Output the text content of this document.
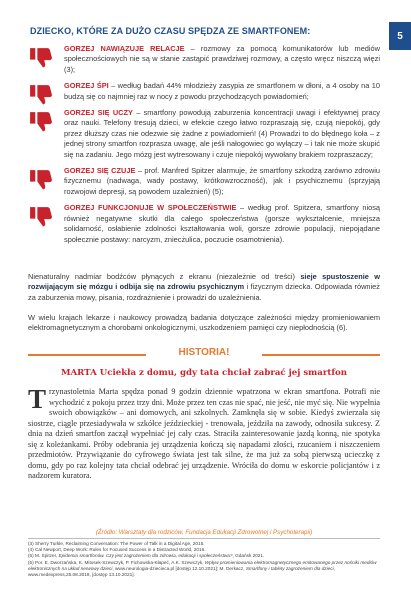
5
DZIECKO, KTÓRE ZA DUŻO CZASU SPĘDZA ZE SMARTFONEM:
GORZEJ NAWIĄZUJE RELACJE – rozmowy za pomocą komunikatorów lub mediów społecznościowych nie są w stanie zastąpić prawdziwej rozmowy, a często wręcz niszczą więzi (3);
GORZEJ ŚPI – według badań 44% młodzieży zasypia ze smartfonem w dłoni, a 4 osoby na 10 budzą się co najmniej raz w nocy z powodu przychodzących powiadomień;
GORZEJ SIĘ UCZY – smartfony powodują zaburzenia koncentracji uwagi i efektywnej pracy oraz nauki. Telefony tresują dzieci, w efekcie czego łatwo rozpraszają się, czują niepokój, gdy przez dłuższy czas nie odezwie się żadne z powiadomień! (4) Prowadzi to do błędnego koła – z jednej strony smartfon rozprasza uwagę, ale jeśli nałogowiec go wyłączy – i tak nie może skupić się na zadaniu. Jego mózg jest wytresowany i czuje niepokój wywołany brakiem rozpraszaczy;
GORZEJ SIĘ CZUJE – prof. Manfred Spitzer alarmuje, że smartfony szkodzą zarówno zdrowiu fizycznemu (nadwaga, wady postawy, krótkowzroczność), jak i psychicznemu (sprzyjają rozwojowi depresji, są powodem uzależnień) (5);
GORZEJ FUNKCJONUJE W SPOŁECZEŃSTWIE – według prof. Spitzera, smartfony niosą również negatywne skutki dla całego społeczeństwa (gorsze wykształcenie, mniejsza solidarność, osłabienie zdolności kształtowania woli, gorsze zdrowie populacji, niepojądane społecznie postawy: narcyzm, zniecżulica, poczucie osamotnienia).
Nienaturalny nadmiar bodźców płynących z ekranu (niezależnie od treści) sieje spustoszenie w rozwijającym się mózgu i odbija się na zdrowiu psychicznym i fizycznym dziecka. Odpowiada również za zaburzenia mowy, pisania, rozdrażnienie i prowadzi do uzależnienia.
W wielu krajach lekarze i naukowcy prowadzą badania dotyczące zależności między promieniowaniem elektromagnetycznym a chorobami onkologicznymi, uszkodzeniem pamięci czy niepłodnością (6).
HISTORIA!
MARTA Uciekła z domu, gdy tata chciał zabrać jej smartfon
Trzynastoletnia Marta spędza ponad 9 godzin dziennie wpatrzona w ekran smartfona. Potrafi nie wychodzić z pokoju przez trzy dni. Może przez ten czas nie spać, nie jeść, nie myć się. Nie wypełnia swoich obowiązków – ani domowych, ani szkolnych. Zamknęła się w sobie. Kiedyś zwierzała się siostrze, ciągle przesiadywała w szkółce jeździeckiej - trenowała, jeździła na zawody, odnosiła sukcesy. Z dnia na dzień smartfon zaczął wypełniać jej cały czas. Straciła zainteresowanie jazdą konną, nie spotyka się z koleżankami. Próby odebrania jej urządzenia kończą się napadami złości, rzucaniem i niszczeniem przedmiotów. Przywiązanie do cyfrowego świata jest tak silne, że ma już za sobą pierwszą ucieczkę z domu, gdy po raz kolejny tata chciał odebrać jej urządzenie. Wróciła do domu w eskorcie policjantów i z nadzorem kuratora.
(Źródło: Warsztaty dla rodziców, Fundacja Edukacji Zdrowotnej i Psychoterapii)
(3) Sherry Turkle, Reclaiming Conversation: The Power of Talk in a Digital Age, 2015.
(4) Cal Newport, Deep Work: Rules for Focused Success in a Distracted World, 2016.
(5) M. Spitzer, Epidemia smartfonów. Czy jest zagrożeniem dla zdrowia, edukacji i społeczeństwa?, Gdańsk 2021.
(6) Por. E. Dworzańska, K. Mitosek-Szewczyk, P. Fichowska-Kłapeć, A.K. Szewczyk, Wpływ promieniowania elektromagnetycznego emitowanego przez nośniki mediów elektronicznych na układ nerwowy dzieci, www.neurologia-dziecieca.pl [dostęp 12.10.2021]; M. Derkacz, Smartfony i tablety zagrożeniem dla dzieci, www.medexpress,25.08.2018, [dostęp 13.10.2021].
